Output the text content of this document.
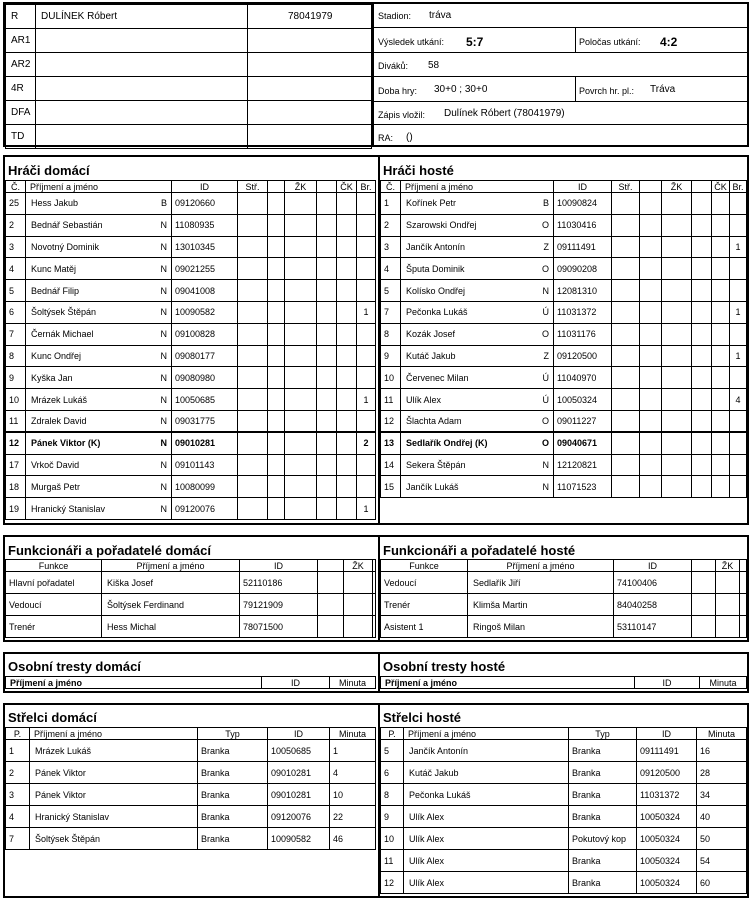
R	DULÍNEK Róbert	78041979
AR1		
AR2		
4R		
DFA		
TD		
Stadion: tráva
Výsledek utkání: 5:7	Poločas utkání: 4:2
Diváků: 58
Doba hry: 30+0 ; 30+0	Povrch hr. pl.: Tráva
Zápis vložil: Dulínek Róbert (78041979)
RA: ()
Hráči domácí
Č.	Příjmení a jméno	ID	Stř.		ŽK		ČK	Br.
25	Hess Jakub B	09120660						
2	Bednář Sebastián N	11080935						
3	Novotný Dominik N	13010345						
4	Kunc Matěj N	09021255						
5	Bednář Filip N	09041008						
6	Šoltýsek Štěpán N	10090582						1
7	Černák Michael N	09100828						
8	Kunc Ondřej N	09080177						
9	Kyška Jan N	09080980						
10	Mrázek Lukáš N	10050685						1
11	Zdralek David N	09031775						
12	Pánek Viktor (K) N	09010281						2
17	Vrkoč David N	09101143						
18	Murgaš Petr N	10080099						
19	Hranický Stanislav N	09120076						1
Hráči hosté
Č.	Příjmení a jméno	ID	Stř.		ŽK		ČK	Br.
1	Kořínek Petr B	10090824						
2	Szarowski Ondřej O	11030416						
3	Jančík Antonín Z	09111491						1
4	Šputa Dominik O	09090208						
5	Kolísko Ondřej N	12081310						
7	Pečonka Lukáš Ú	11031372						1
8	Kozák Josef O	11031176						
9	Kutáč Jakub Z	09120500						1
10	Červenec Milan Ú	11040970						
11	Ulík Alex Ú	10050324						4
12	Šlachta Adam O	09011227						
13	Sedlařík Ondřej (K) O	09040671						
14	Sekera Štěpán N	12120821						
15	Jančík Lukáš N	11071523						
Funkcionáři a pořadatelé domácí
Funkce	Příjmení a jméno	ID		ŽK	
Hlavní pořadatel	Kiška Josef	52110186			
Vedoucí	Šoltýsek Ferdinand	79121909			
Trenér	Hess Michal	78071500			
Funkcionáři a pořadatelé hosté
Funkce	Příjmení a jméno	ID		ŽK	
Vedoucí	Sedlařík Jiří	74100406			
Trenér	Klimša Martin	84040258			
Asistent 1	Ringoš Milan	53110147			
Osobní tresty domácí
Příjmení a jméno	ID	Minuta
Osobní tresty hosté
Příjmení a jméno	ID	Minuta
Střelci domácí
P.	Příjmení a jméno	Typ	ID	Minuta
1	Mrázek Lukáš	Branka	10050685	1
2	Pánek Viktor	Branka	09010281	4
3	Pánek Viktor	Branka	09010281	10
4	Hranický Stanislav	Branka	09120076	22
7	Šoltýsek Štěpán	Branka	10090582	46
Střelci hosté
P.	Příjmení a jméno	Typ	ID	Minuta
5	Jančík Antonín	Branka	09111491	16
6	Kutáč Jakub	Branka	09120500	28
8	Pečonka Lukáš	Branka	11031372	34
9	Ulík Alex	Branka	10050324	40
10	Ulík Alex	Pokutový kop	10050324	50
11	Ulík Alex	Branka	10050324	54
12	Ulík Alex	Branka	10050324	60
